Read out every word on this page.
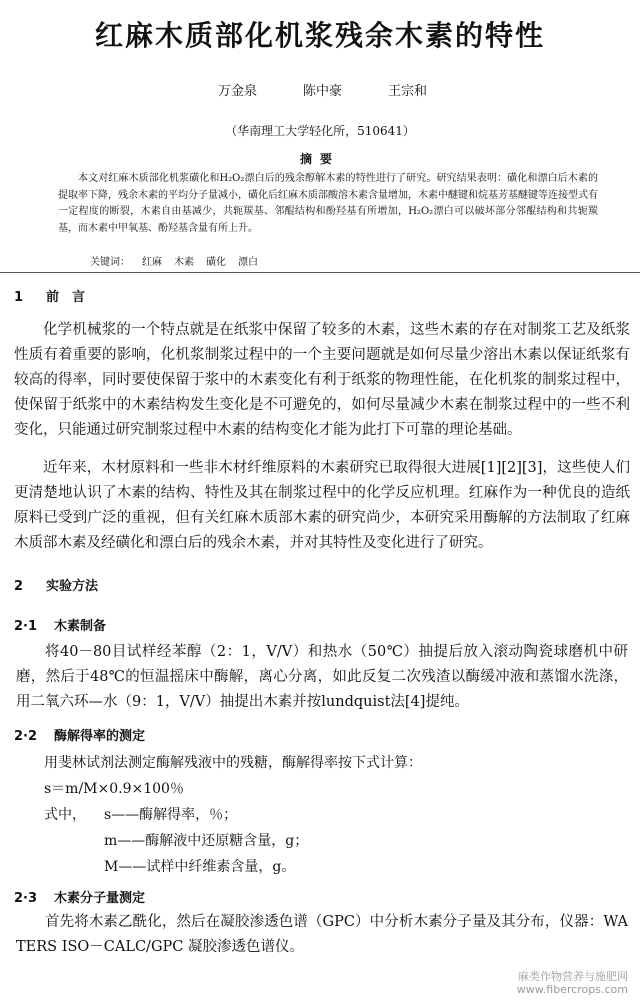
红麻木质部化机浆残余木素的特性
万金泉	陈中豪	王宗和
（华南理工大学轻化所，510641）
摘要
本文对红麻木质部化机浆磺化和H₂O₂漂白后的残余醇解木素的特性进行了研究。研究结果表明：磺化和漂白后木素的提取率下降，残余木素的平均分子量减小，磺化后红麻木质部酸溶木素含量增加，木素中醚键和烷基芳基醚键等连接型式有一定程度的断裂，木素自由基减少，共轭羰基、邻醌结构和酚羟基有所增加，H₂O₂漂白可以破坏部分邻醌结构和共轭羰基，而木素中甲氧基、酚羟基含量有所上升。
关键词： 红麻 木素 磺化 漂白
1 前　言
化学机械浆的一个特点就是在纸浆中保留了较多的木素，这些木素的存在对制浆工艺及纸浆性质有着重要的影响，化机浆制浆过程中的一个主要问题就是如何尽量少溶出木素以保证纸浆有较高的得率，同时要使保留于浆中的木素变化有利于纸浆的物理性能，在化机浆的制浆过程中，使保留于纸浆中的木素结构发生变化是不可避免的，如何尽量减少木素在制浆过程中的一些不利变化，只能通过研究制浆过程中木素的结构变化才能为此打下可靠的理论基础。
近年来，木材原料和一些非木材纤维原料的木素研究已取得很大进展[1][2][3]，这些使人们更清楚地认识了木素的结构、特性及其在制浆过程中的化学反应机理。红麻作为一种优良的造纸原料已受到广泛的重视，但有关红麻木质部木素的研究尚少，本研究采用酶解的方法制取了红麻木质部木素及经磺化和漂白后的残余木素，并对其特性及变化进行了研究。
2 实验方法
2·1 木素制备
将40－80目试样经苯醇（2：1，V/V）和热水（50℃）抽提后放入滚动陶瓷球磨机中研磨，然后于48℃的恒温摇床中酶解，离心分离，如此反复二次残渣以酶缓冲液和蒸馏水洗涤，用二氧六环—水（9：1，V/V）抽提出木素并按lundquist法[4]提纯。
2·2 酶解得率的测定
用斐林试剂法测定酶解残液中的残糖，酶解得率按下式计算：
s＝m/M×0.9×100％
式中， s——酶解得率，％；
m——酶解液中还原糖含量，g；
M——试样中纤维素含量，g。
2·3 木素分子量测定
首先将木素乙酰化，然后在凝胶渗透色谱（GPC）中分析木素分子量及其分布，仪器：WATERS ISO－CALC/GPC 凝胶渗透色谱仪。
麻类作物营养与施肥网
www.fibercrops.com
